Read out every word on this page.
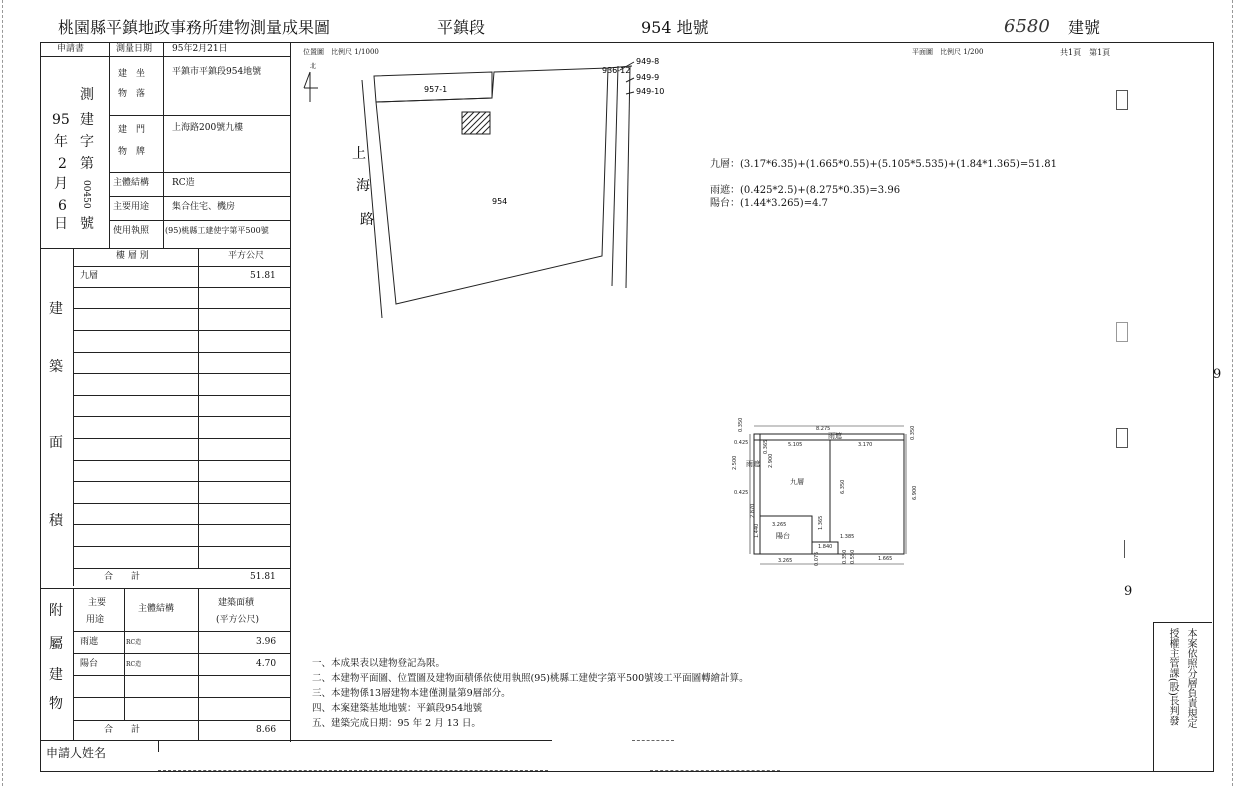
桃園縣平鎮地政事務所建物測量成果圖	平鎮段	954 地號	6580 建號
申請書	測量日期 95年2月21日
建　坐
物　落
平鎮市平鎮段954地號
建　門
物　牌
上海路200號九樓
主體結構	RC造
主要用途	集合住宅、機房
使用執照 (95)桃縣工建使字第平500號
95
年
2
月
6
日
測
建
字
第
00450
號
建
築
面
積
樓 層 別	平方公尺
九層	51.81
合　　計	51.81
附
屬
建
物
主要
用途
主體結構
建築面積
(平方公尺)
雨遮	RC造	3.96
陽台	RC造	4.70
合　　計	8.66
申請人姓名
位置圖　比例尺 1/1000
北
957-1
954
936-12
949-8
949-9
949-10
上
海
路
平面圖　比例尺 1/200	共1頁　第1頁
九層：(3.17*6.35)+(1.665*0.55)+(5.105*5.535)+(1.84*1.365)=51.81
雨遮：(0.425*2.5)+(8.275*0.35)=3.96
陽台：(1.44*3.265)=4.7
8.275
5.105	3.170
0.425
0.425
0.350
0.350
0.365
2.500	2.900
6.350	6.900
2.870
1.440
1.365
3.265
3.265
1.840
1.665
1.385
0.550
0.075	0.350
雨遮
雨遮
九層
陽台
一、本成果表以建物登記為限。
二、本建物平面圖、位置圖及建物面積係依使用執照(95)桃縣工建使字第平500號竣工平面圖轉繪計算。
三、本建物係13層建物本建僅測量第9層部分。
四、本案建築基地地號：平鎮段954地號
五、建築完成日期：95 年 2 月 13 日。	本案依照分層負責規定
授權主管課(股)長判發
9
9
